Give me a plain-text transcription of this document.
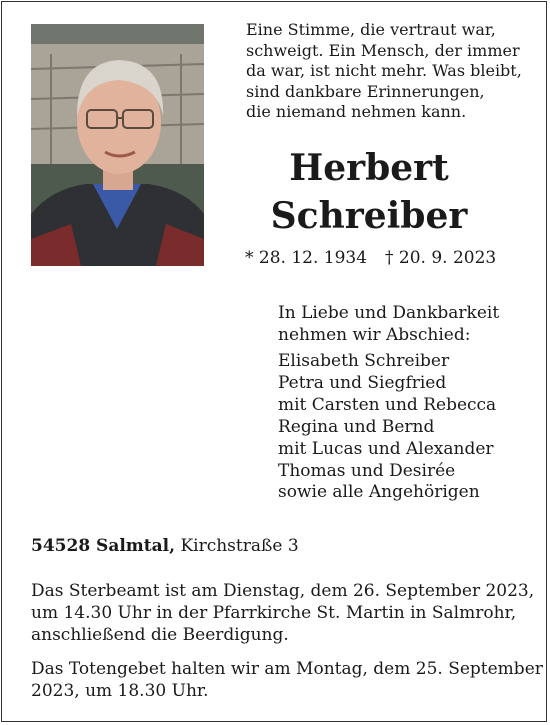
Eine Stimme, die vertraut war,
schweigt. Ein Mensch, der immer
da war, ist nicht mehr. Was bleibt,
sind dankbare Erinnerungen,
die niemand nehmen kann.
Herbert
Schreiber
* 28. 12. 1934 † 20. 9. 2023
In Liebe und Dankbarkeit
nehmen wir Abschied:
Elisabeth Schreiber
Petra und Siegfried
mit Carsten und Rebecca
Regina und Bernd
mit Lucas und Alexander
Thomas und Desirée
sowie alle Angehörigen
54528 Salmtal, Kirchstraße 3
Das Sterbeamt ist am Dienstag, dem 26. September 2023,
um 14.30 Uhr in der Pfarrkirche St. Martin in Salmrohr,
anschließend die Beerdigung.
Das Totengebet halten wir am Montag, dem 25. September
2023, um 18.30 Uhr.
